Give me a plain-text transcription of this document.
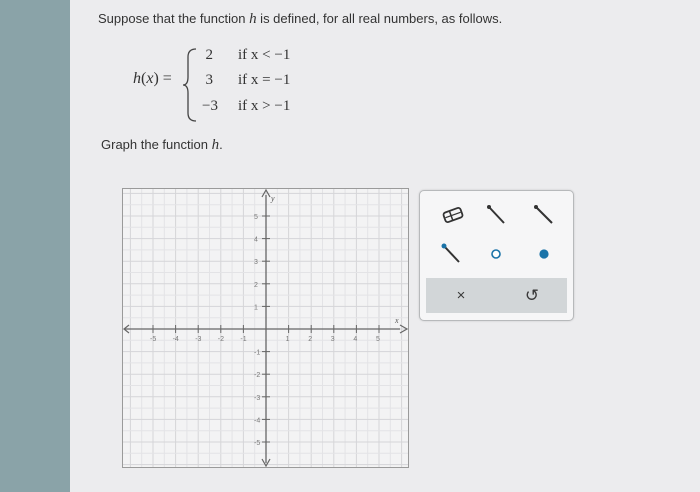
Suppose that the function h is defined, for all real numbers, as follows.
h(x) =
2 if x < −1
3 if x = −1
−3 if x > −1
Graph the function h.
x
y
-5 -4 -3 -2 -1	1	2	3	4	5
5
4
3
2
1
-1
-2
-3
-4
-5
×	↺
